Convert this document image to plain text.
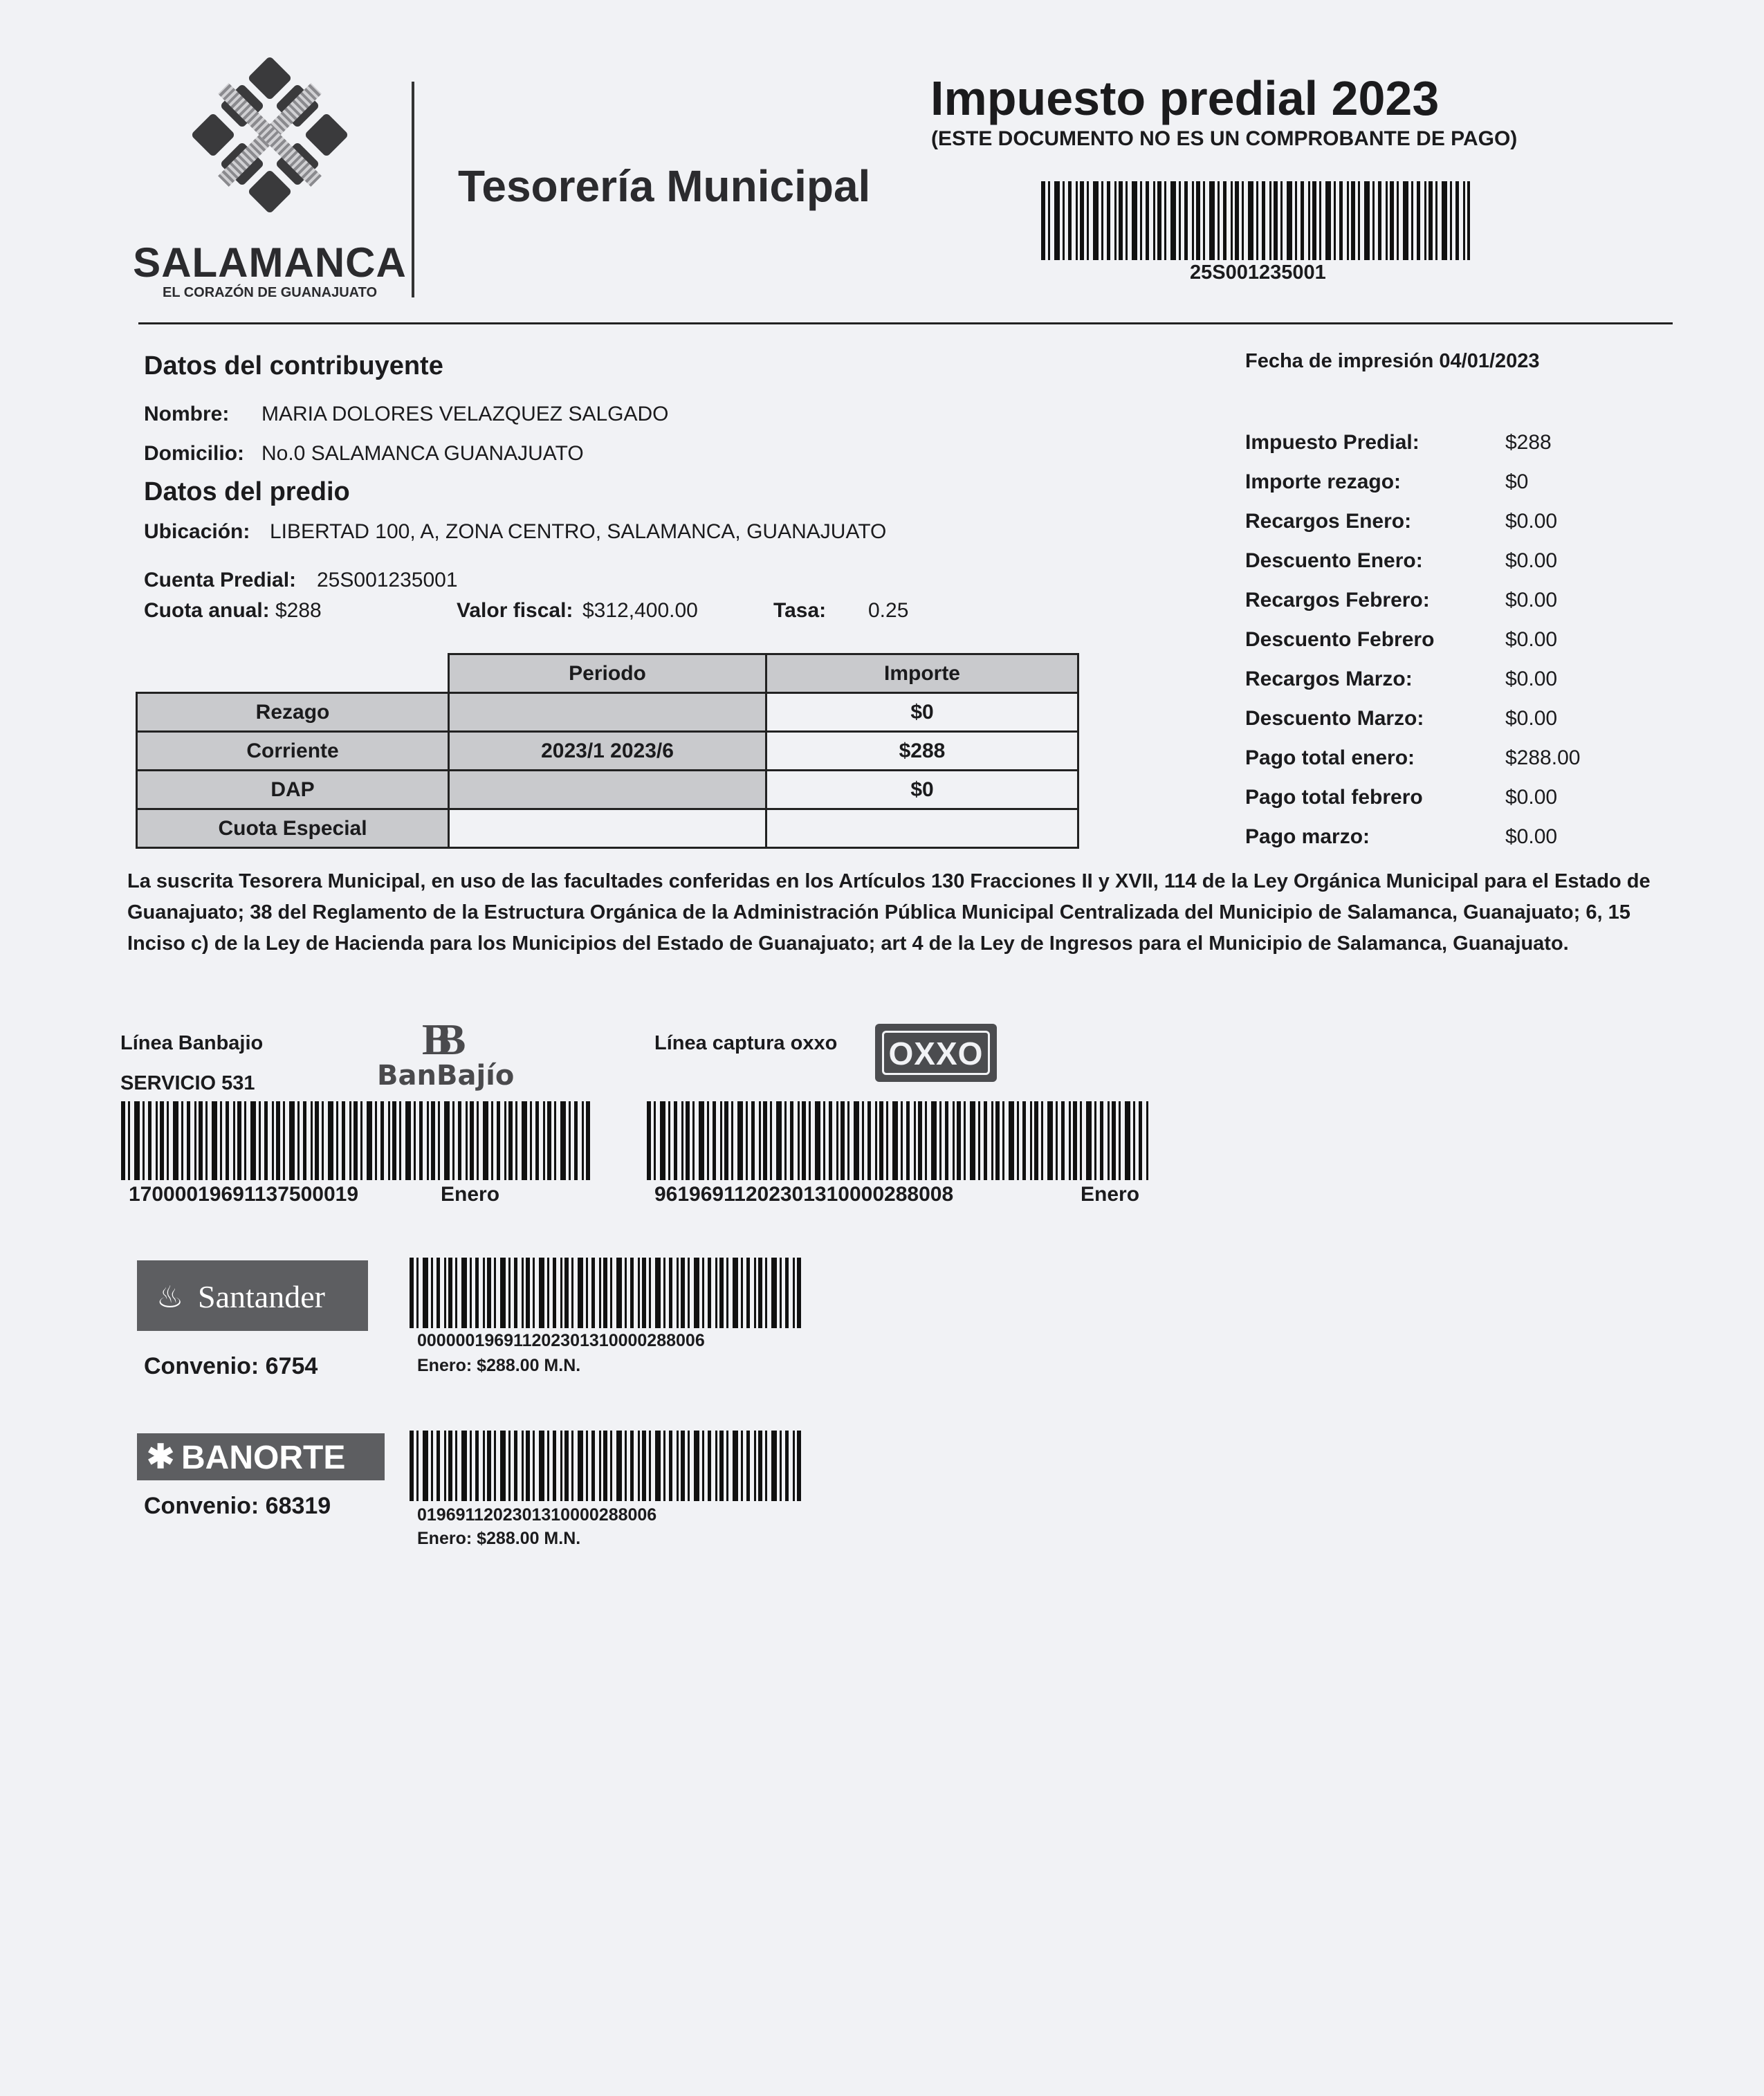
SALAMANCA
EL CORAZÓN DE GUANAJUATO
Tesorería Municipal
Impuesto predial 2023
(ESTE DOCUMENTO NO ES UN COMPROBANTE DE PAGO)
25S001235001
Datos del contribuyente
Nombre: MARIA DOLORES VELAZQUEZ SALGADO
Domicilio: No.0 SALAMANCA GUANAJUATO
Datos del predio
Ubicación: LIBERTAD 100, A, ZONA CENTRO, SALAMANCA, GUANAJUATO
Cuenta Predial: 25S001235001
Cuota anual: $288	Valor fiscal: $312,400.00	Tasa: 0.25
	Periodo	Importe
Rezago		$0
Corriente	2023/1 2023/6	$288
DAP		$0
Cuota Especial		
Fecha de impresión 04/01/2023
Impuesto Predial:	$288
Importe rezago:	$0
Recargos Enero:	$0.00
Descuento Enero:	$0.00
Recargos Febrero:	$0.00
Descuento Febrero	$0.00
Recargos Marzo:	$0.00
Descuento Marzo:	$0.00
Pago total enero:	$288.00
Pago total febrero	$0.00
Pago marzo:	$0.00
La suscrita Tesorera Municipal, en uso de las facultades conferidas en los Artículos 130 Fracciones II y XVII, 114 de la Ley Orgánica Municipal para el Estado de Guanajuato; 38 del Reglamento de la Estructura Orgánica de la Administración Pública Municipal Centralizada del Municipio de Salamanca, Guanajuato; 6, 15 Inciso c) de la Ley de Hacienda para los Municipios del Estado de Guanajuato; art 4 de la Ley de Ingresos para el Municipio de Salamanca, Guanajuato.
Línea Banbajio
SERVICIO 531
BB
BanBajío
17000019691137500019	Enero
Línea captura oxxo	OXXO
96196911202301310000288008	Enero
♨ Santander
Convenio: 6754
000000196911202301310000288006
Enero: $288.00 M.N.
✱ BANORTE
Convenio: 68319	0196911202301310000288006
Enero: $288.00 M.N.
